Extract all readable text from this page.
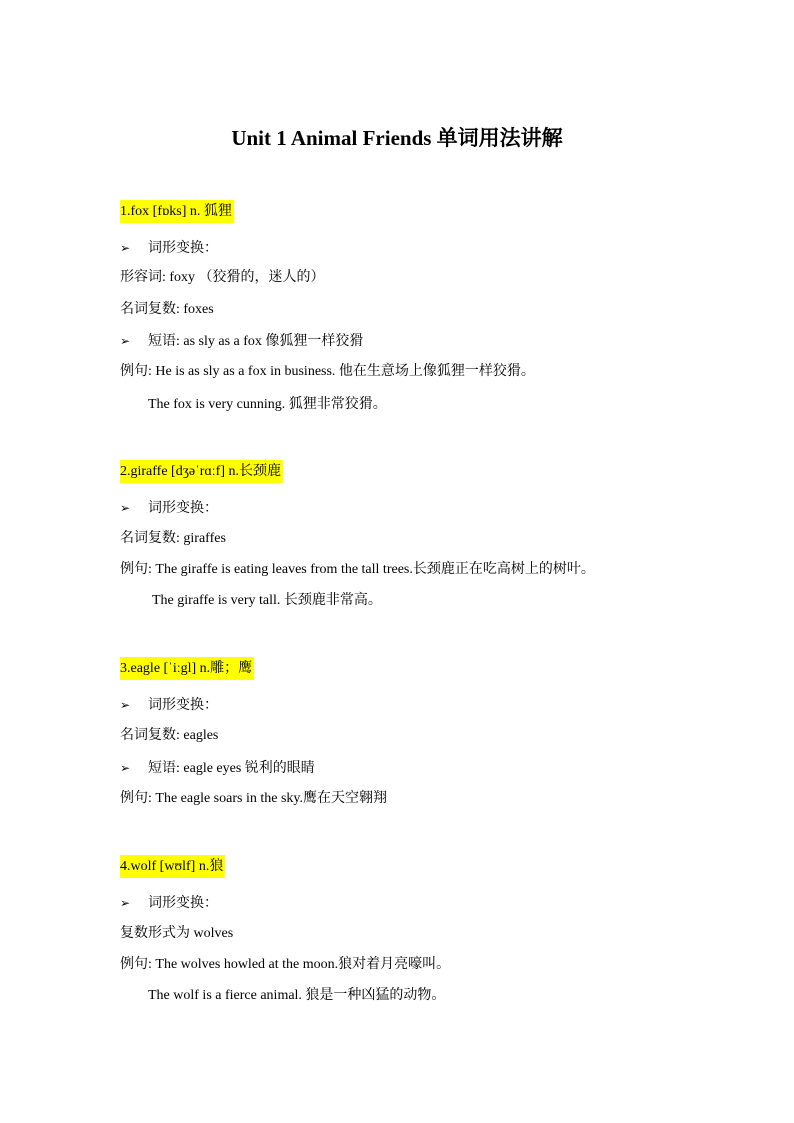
Unit 1 Animal Friends 单词用法讲解
1.fox [fɒks] n. 狐狸
➢ 词形变换：
形容词: foxy （狡猾的，迷人的）
名词复数: foxes
➢ 短语: as sly as a fox 像狐狸一样狡猾
例句: He is as sly as a fox in business. 他在生意场上像狐狸一样狡猾。
The fox is very cunning. 狐狸非常狡猾。
2.giraffe [dʒəˈrɑːf] n.长颈鹿
➢ 词形变换：
名词复数: giraffes
例句: The giraffe is eating leaves from the tall trees.长颈鹿正在吃高树上的树叶。
The giraffe is very tall. 长颈鹿非常高。
3.eagle [ˈiːgl] n.雕；鹰
➢ 词形变换：
名词复数: eagles
➢ 短语: eagle eyes 锐利的眼睛
例句: The eagle soars in the sky.鹰在天空翱翔
4.wolf [wʊlf] n.狼
➢ 词形变换：
复数形式为 wolves
例句: The wolves howled at the moon.狼对着月亮嚎叫。
The wolf is a fierce animal. 狼是一种凶猛的动物。
